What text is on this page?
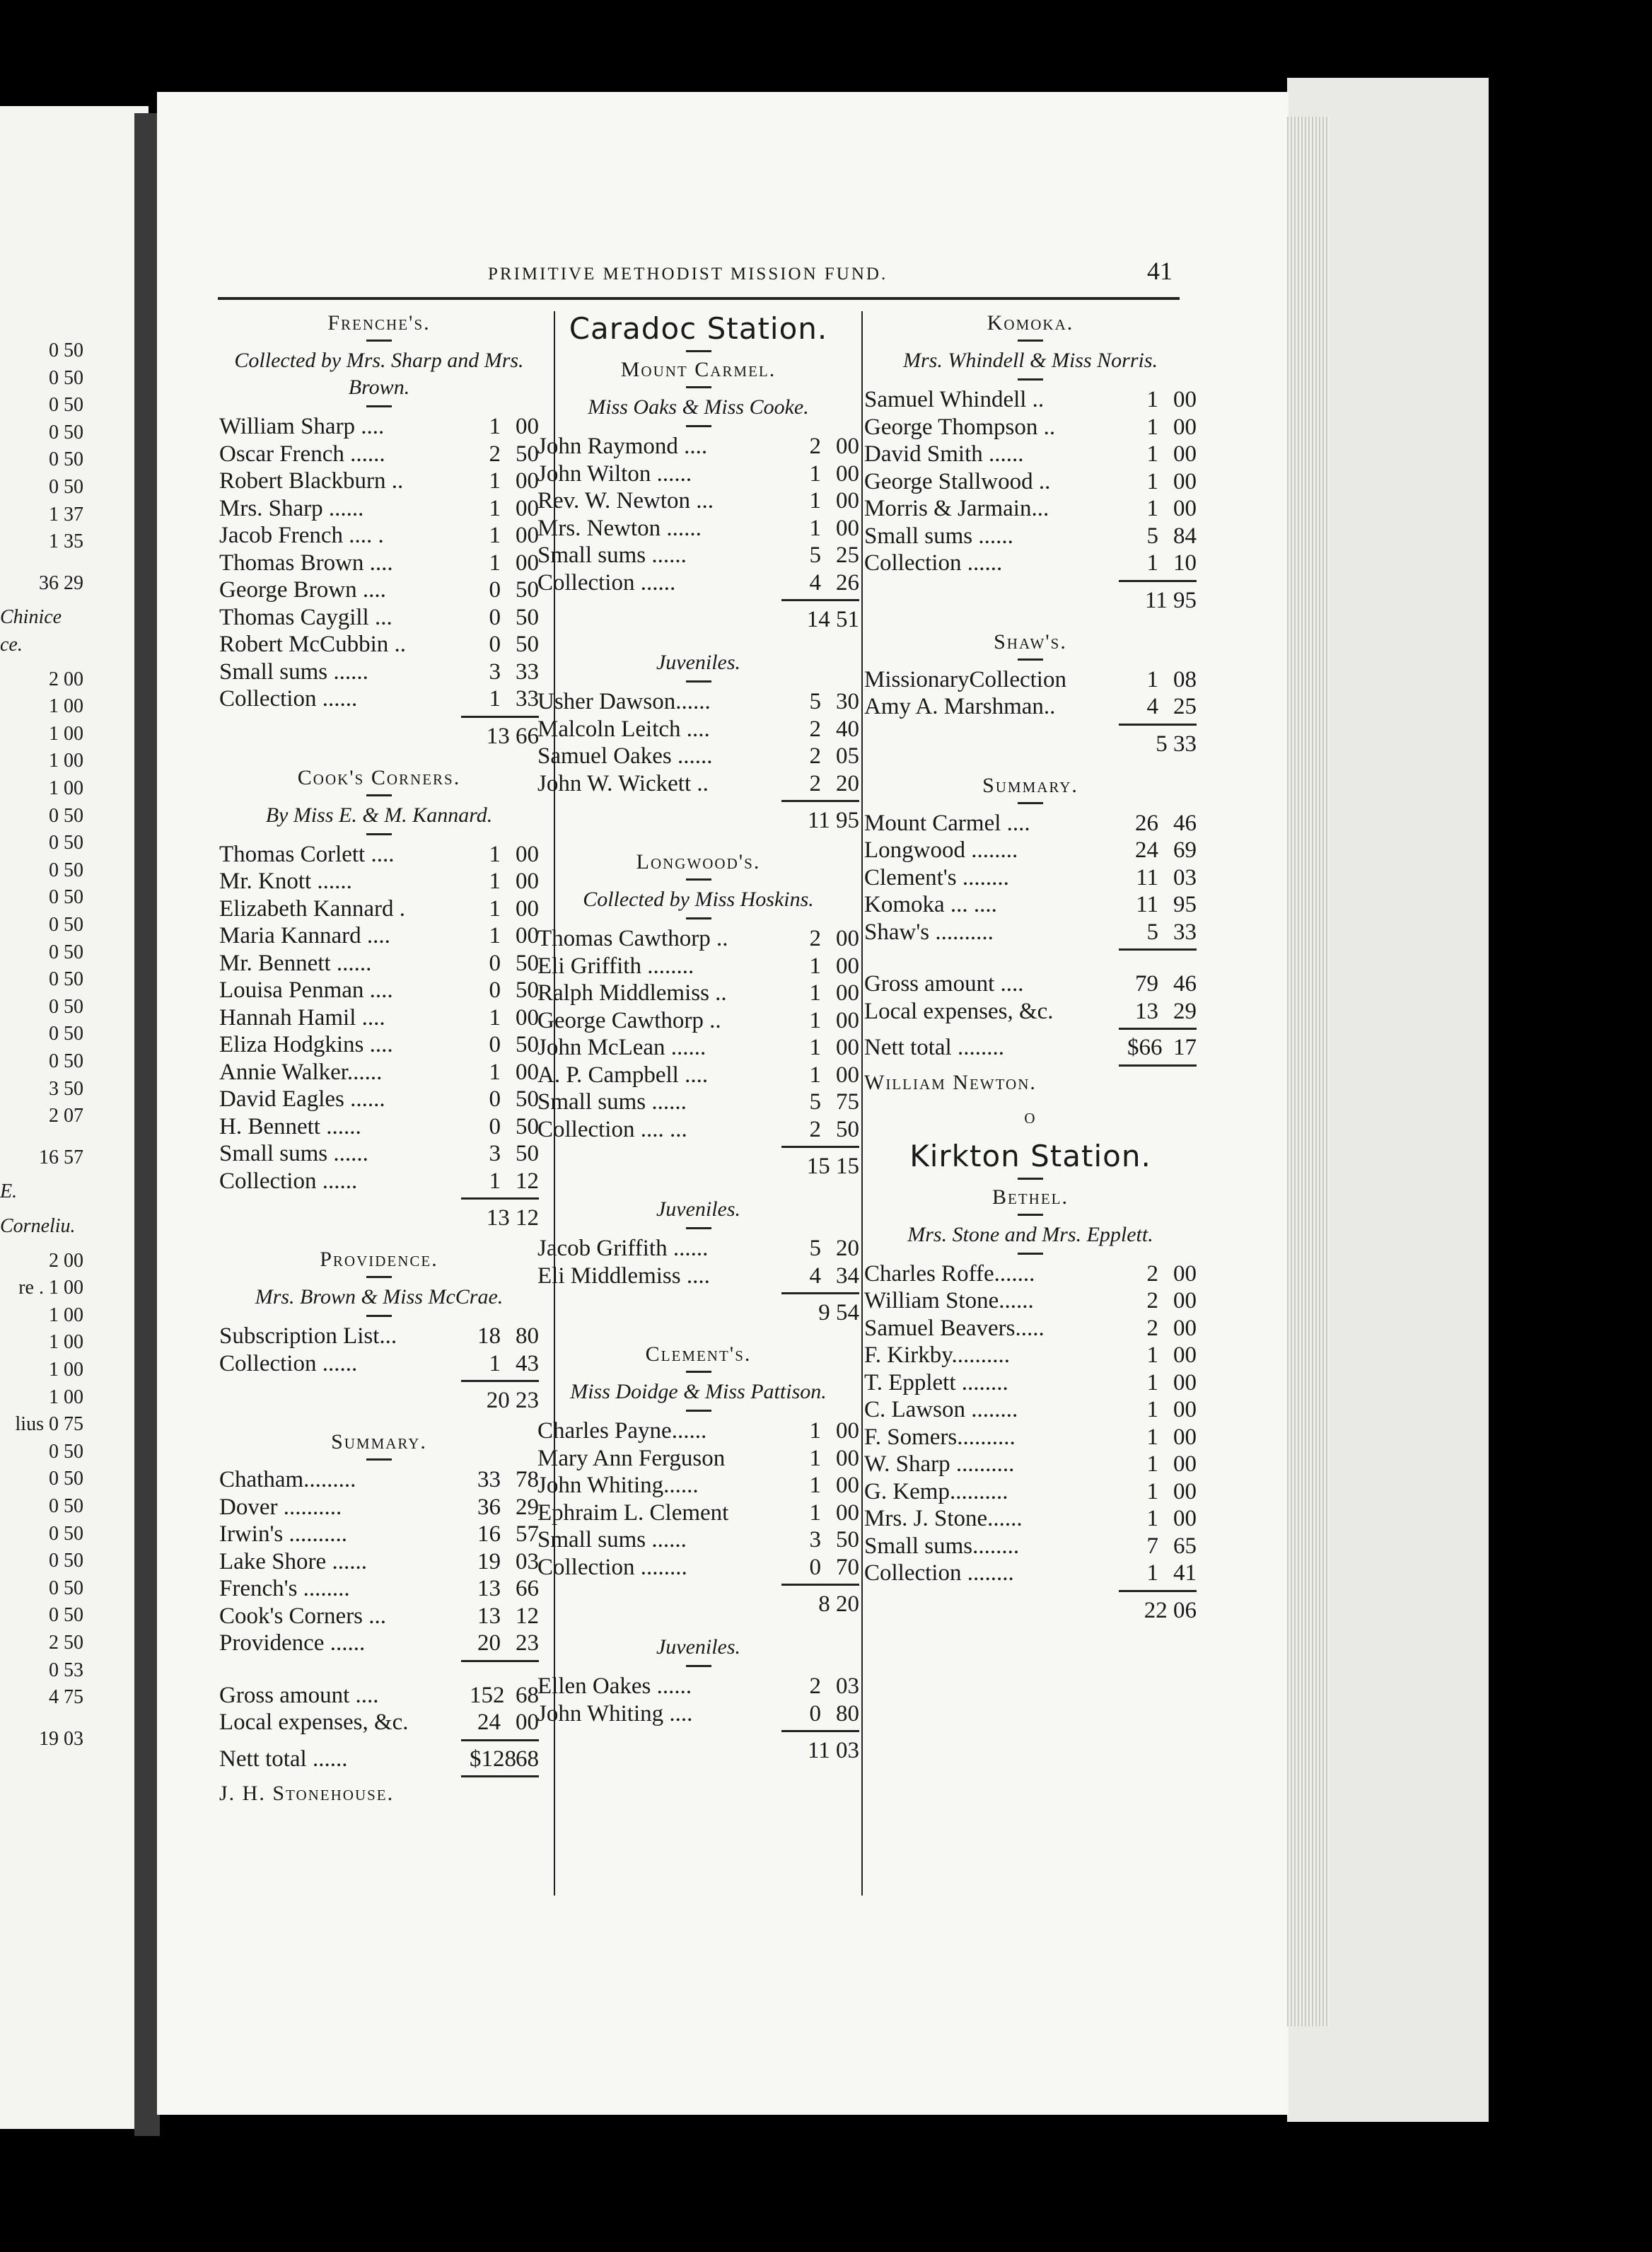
0 50
0 50
0 50
0 50
0 50
0 50
1 37
1 35
36 29
Chinice
ce.
2 00
1 00
1 00
1 00
1 00
0 50
0 50
0 50
0 50
0 50
0 50
0 50
0 50
0 50
0 50
3 50
2 07
16 57
E.
Corneliu.
2 00
re . 1 00
1 00
1 00
1 00
1 00
lius 0 75
0 50
0 50
0 50
0 50
0 50
0 50
0 50
2 50
0 53
4 75
19 03
PRIMITIVE METHODIST MISSION FUND.	41
Frenche's.
Collected by Mrs. Sharp and Mrs. Brown.
William Sharp ....	1 00
Oscar French ......	2 50
Robert Blackburn ..	1 00
Mrs. Sharp ......	1 00
Jacob French .... .	1 00
Thomas Brown ....	1 00
George Brown ....	0 50
Thomas Caygill ...	0 50
Robert McCubbin ..	0 50
Small sums ......	3 33
Collection ......	1 33
13 66
Cook's Corners.
By Miss E. & M. Kannard.
Thomas Corlett ....	1 00
Mr. Knott ......	1 00
Elizabeth Kannard .	1 00
Maria Kannard ....	1 00
Mr. Bennett ......	0 50
Louisa Penman ....	0 50
Hannah Hamil ....	1 00
Eliza Hodgkins ....	0 50
Annie Walker......	1 00
David Eagles ......	0 50
H. Bennett ......	0 50
Small sums ......	3 50
Collection ......	1 12
13 12
Providence.
Mrs. Brown & Miss McCrae.
Subscription List...	18 80
Collection ......	1 43
20 23
Summary.
Chatham.........	33 78
Dover ..........	36 29
Irwin's ..........	16 57
Lake Shore ......	19 03
French's ........	13 66
Cook's Corners ...	13 12
Providence ......	20 23
Gross amount ....	152 68
Local expenses, &c.	24 00
Nett total ......	$128 68
J. H. Stonehouse.
Caradoc Station.
Mount Carmel.
Miss Oaks & Miss Cooke.
John Raymond ....	2 00
John Wilton ......	1 00
Rev. W. Newton ...	1 00
Mrs. Newton ......	1 00
Small sums ......	5 25
Collection ......	4 26
14 51
Juveniles.
Usher Dawson......	5 30
Malcoln Leitch ....	2 40
Samuel Oakes ......	2 05
John W. Wickett ..	2 20
11 95
Longwood's.
Collected by Miss Hoskins.
Thomas Cawthorp ..	2 00
Eli Griffith ........	1 00
Ralph Middlemiss ..	1 00
George Cawthorp ..	1 00
John McLean ......	1 00
A. P. Campbell ....	1 00
Small sums ......	5 75
Collection .... ...	2 50
15 15
Juveniles.
Jacob Griffith ......	5 20
Eli Middlemiss ....	4 34
9 54
Clement's.
Miss Doidge & Miss Pattison.
Charles Payne......	1 00
Mary Ann Ferguson	1 00
John Whiting......	1 00
Ephraim L. Clement	1 00
Small sums ......	3 50
Collection ........	0 70
8 20
Juveniles.
Ellen Oakes ......	2 03
John Whiting ....	0 80
11 03
Komoka.
Mrs. Whindell & Miss Norris.
Samuel Whindell ..	1 00
George Thompson ..	1 00
David Smith ......	1 00
George Stallwood ..	1 00
Morris & Jarmain...	1 00
Small sums ......	5 84
Collection ......	1 10
11 95
Shaw's.
MissionaryCollection	1 08
Amy A. Marshman..	4 25
5 33
Summary.
Mount Carmel ....	26 46
Longwood ........	24 69
Clement's ........	11 03
Komoka ... ....	11 95
Shaw's ..........	5 33
Gross amount ....	79 46
Local expenses, &c.	13 29
Nett total ........	$66 17
William Newton.
o
Kirkton Station.
Bethel.
Mrs. Stone and Mrs. Epplett.
Charles Roffe.......	2 00
William Stone......	2 00
Samuel Beavers.....	2 00
F. Kirkby..........	1 00
T. Epplett ........	1 00
C. Lawson ........	1 00
F. Somers..........	1 00
W. Sharp ..........	1 00
G. Kemp..........	1 00
Mrs. J. Stone......	1 00
Small sums........	7 65
Collection ........	1 41
22 06
